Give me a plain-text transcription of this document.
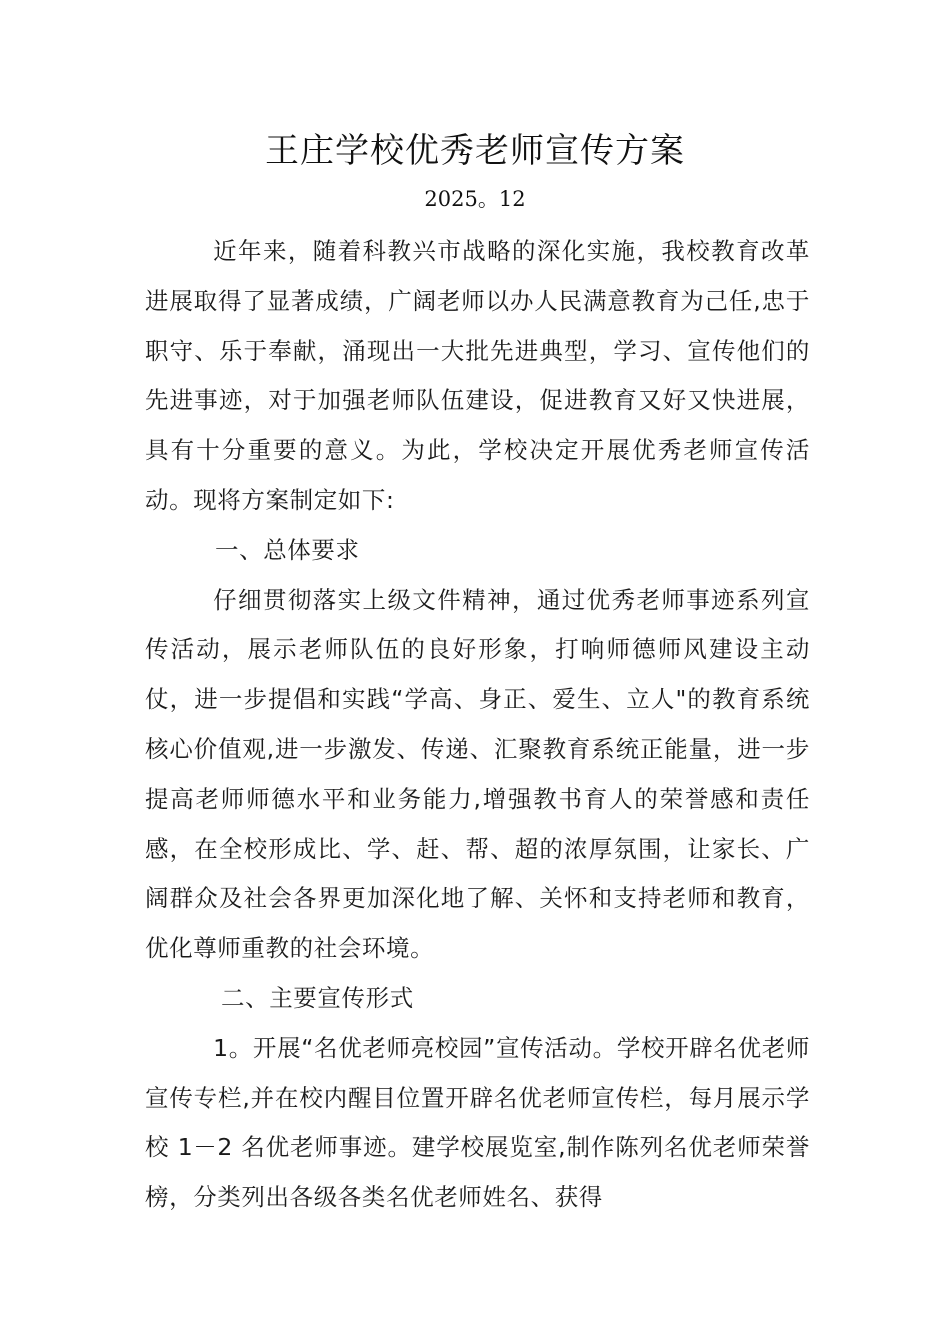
王庄学校优秀老师宣传方案
2025。12

近年来，随着科教兴市战略的深化实施，我校教育改革进展取得了显著成绩，广阔老师以办人民满意教育为己任,忠于职守、乐于奉献，涌现出一大批先进典型，学习、宣传他们的先进事迹，对于加强老师队伍建设，促进教育又好又快进展，具有十分重要的意义。为此，学校决定开展优秀老师宣传活动。现将方案制定如下:

一、总体要求

仔细贯彻落实上级文件精神，通过优秀老师事迹系列宣传活动，展示老师队伍的良好形象，打响师德师风建设主动仗，进一步提倡和实践“学高、身正、爱生、立人"的教育系统核心价值观,进一步激发、传递、汇聚教育系统正能量，进一步提高老师师德水平和业务能力,增强教书育人的荣誉感和责任感，在全校形成比、学、赶、帮、超的浓厚氛围，让家长、广阔群众及社会各界更加深化地了解、关怀和支持老师和教育，优化尊师重教的社会环境。

二、主要宣传形式

1。开展“名优老师亮校园”宣传活动。学校开辟名优老师宣传专栏,并在校内醒目位置开辟名优老师宣传栏，每月展示学校 1－2 名优老师事迹。建学校展览室,制作陈列名优老师荣誉榜，分类列出各级各类名优老师姓名、获得
